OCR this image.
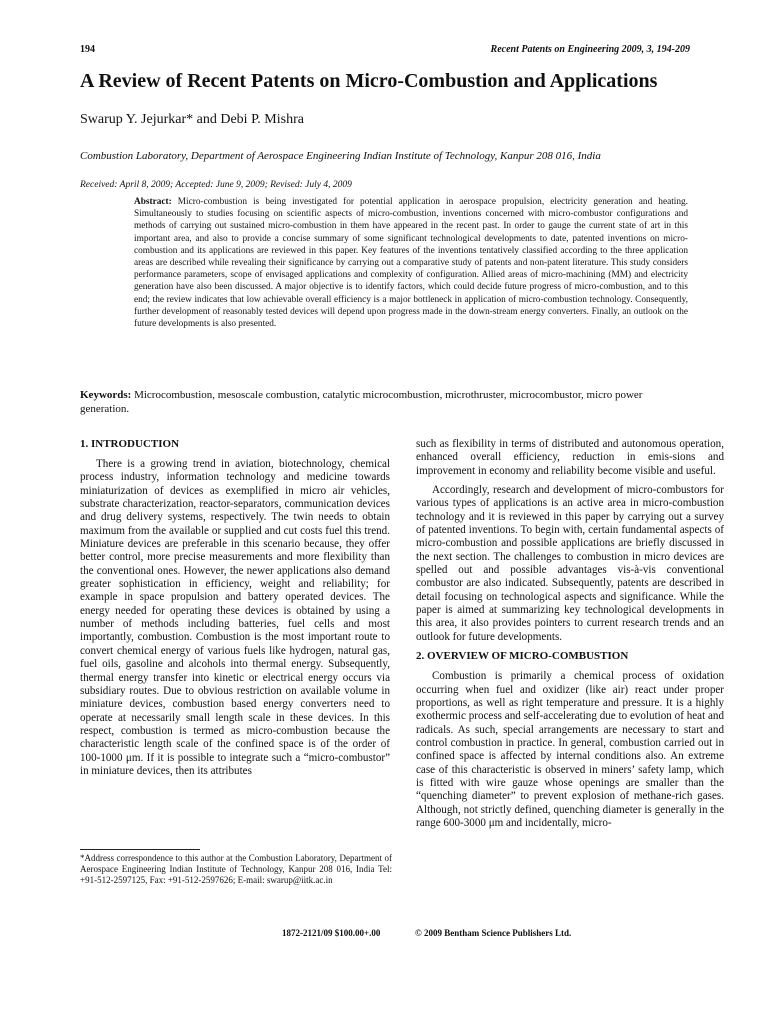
194	Recent Patents on Engineering 2009, 3, 194-209
A Review of Recent Patents on Micro-Combustion and Applications
Swarup Y. Jejurkar* and Debi P. Mishra
Combustion Laboratory, Department of Aerospace Engineering Indian Institute of Technology, Kanpur 208 016, India
Received: April 8, 2009; Accepted: June 9, 2009; Revised: July 4, 2009

Abstract: Micro-combustion is being investigated for potential application in aerospace propulsion, electricity generation and heating. Simultaneously to studies focusing on scientific aspects of micro-combustion, inventions concerned with micro-combustor configurations and methods of carrying out sustained micro-combustion in them have appeared in the recent past. In order to gauge the current state of art in this important area, and also to provide a concise summary of some significant technological developments to date, patented inventions on micro-combustion and its applications are reviewed in this paper. Key features of the inventions tentatively classified according to the three application areas are described while revealing their significance by carrying out a comparative study of patents and non-patent literature. This study considers performance parameters, scope of envisaged applications and complexity of configuration. Allied areas of micro-machining (MM) and electricity generation have also been discussed. A major objective is to identify factors, which could decide future progress of micro-combustion, and to this end; the review indicates that low achievable overall efficiency is a major bottleneck in application of micro-combustion technology. Consequently, further development of reasonably tested devices will depend upon progress made in the down-stream energy converters. Finally, an outlook on the future developments is also presented.

Keywords: Microcombustion, mesoscale combustion, catalytic microcombustion, microthruster, microcombustor, micro power generation.

1. INTRODUCTION

There is a growing trend in aviation, biotechnology, chemical process industry, information technology and medicine towards miniaturization of devices as exemplified in micro air vehicles, substrate characterization, reactor-separators, communication devices and drug delivery systems, respectively. The twin needs to obtain maximum from the available or supplied and cut costs fuel this trend. Miniature devices are preferable in this scenario because, they offer better control, more precise measurements and more flexibility than the conventional ones. However, the newer applications also demand greater sophistication in efficiency, weight and reliability; for example in space propulsion and battery operated devices. The energy needed for operating these devices is obtained by using a number of methods including batteries, fuel cells and most importantly, combustion. Combustion is the most important route to convert chemical energy of various fuels like hydrogen, natural gas, fuel oils, gasoline and alcohols into thermal energy. Subsequently, thermal energy transfer into kinetic or electrical energy occurs via subsidiary routes. Due to obvious restriction on available volume in miniature devices, combustion based energy converters need to operate at necessarily small length scale in these devices. In this respect, combustion is termed as micro-combustion because the characteristic length scale of the confined space is of the order of 100-1000 μm. If it is possible to integrate such a “micro-combustor” in miniature devices, then its attributes

such as flexibility in terms of distributed and autonomous operation, enhanced overall efficiency, reduction in emis-sions and improvement in economy and reliability become visible and useful.

Accordingly, research and development of micro-combustors for various types of applications is an active area in micro-combustion technology and it is reviewed in this paper by carrying out a survey of patented inventions. To begin with, certain fundamental aspects of micro-combustion and possible applications are briefly discussed in the next section. The challenges to combustion in micro devices are spelled out and possible advantages vis-à-vis conventional combustor are also indicated. Subsequently, patents are described in detail focusing on technological aspects and significance. While the paper is aimed at summarizing key technological developments in this area, it also provides pointers to current research trends and an outlook for future developments.

2. OVERVIEW OF MICRO-COMBUSTION

Combustion is primarily a chemical process of oxidation occurring when fuel and oxidizer (like air) react under proper proportions, as well as right temperature and pressure. It is a highly exothermic process and self-accelerating due to evolution of heat and radicals. As such, special arrangements are necessary to start and control combustion in practice. In general, combustion carried out in confined space is affected by internal conditions also. An extreme case of this characteristic is observed in miners’ safety lamp, which is fitted with wire gauze whose openings are smaller than the “quenching diameter” to prevent explosion of methane-rich gases. Although, not strictly defined, quenching diameter is generally in the range 600-3000 μm and incidentally, micro-

*Address correspondence to this author at the Combustion Laboratory, Department of Aerospace Engineering Indian Institute of Technology, Kanpur 208 016, India Tel: +91-512-2597125, Fax: +91-512-2597626; E-mail: swarup@iitk.ac.in

1872-2121/09 $100.00+.00	© 2009 Bentham Science Publishers Ltd.
